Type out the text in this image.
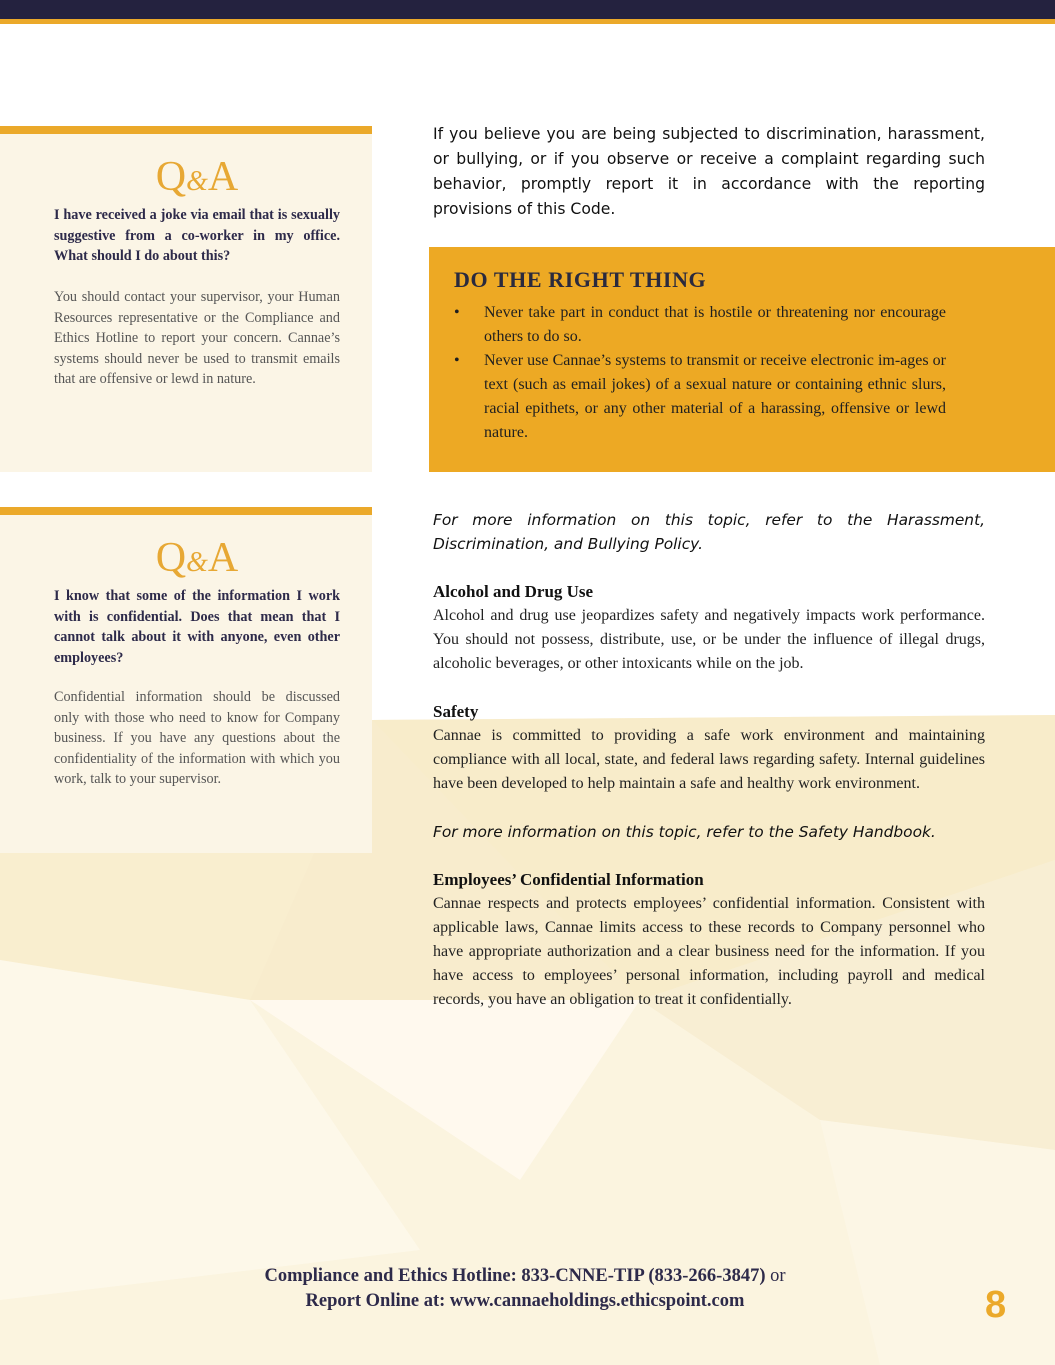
Q&A
I have received a joke via email that is sexually suggestive from a co-worker in my office. What should I do about this?
You should contact your supervisor, your Human Resources representative or the Compliance and Ethics Hotline to report your concern. Cannae’s systems should never be used to transmit emails that are offensive or lewd in nature.
Q&A
I know that some of the information I work with is confidential. Does that mean that I cannot talk about it with anyone, even other employees?
Confidential information should be discussed only with those who need to know for Company business. If you have any questions about the confidentiality of the information with which you work, talk to your supervisor.

If you believe you are being subjected to discrimination, harassment, or bullying, or if you observe or receive a complaint regarding such behavior, promptly report it in accordance with the reporting provisions of this Code.

DO THE RIGHT THING
• Never take part in conduct that is hostile or threatening nor encourage others to do so.
• Never use Cannae’s systems to transmit or receive electronic im-ages or text (such as email jokes) of a sexual nature or containing ethnic slurs, racial epithets, or any other material of a harassing, offensive or lewd nature.

For more information on this topic, refer to the Harassment, Discrimination, and Bullying Policy.

Alcohol and Drug Use

Alcohol and drug use jeopardizes safety and negatively impacts work performance. You should not possess, distribute, use, or be under the influence of illegal drugs, alcoholic beverages, or other intoxicants while on the job.

Safety

Cannae is committed to providing a safe work environment and maintaining compliance with all local, state, and federal laws regarding safety. Internal guidelines have been developed to help maintain a safe and healthy work environment.

For more information on this topic, refer to the Safety Handbook.

Employees’ Confidential Information

Cannae respects and protects employees’ confidential information. Consistent with applicable laws, Cannae limits access to these records to Company personnel who have appropriate authorization and a clear business need for the information. If you have access to employees’ personal information, including payroll and medical records, you have an obligation to treat it confidentially.

Compliance and Ethics Hotline: 833-CNNE-TIP (833-266-3847) or
Report Online at: www.cannaeholdings.ethicspoint.com	8
